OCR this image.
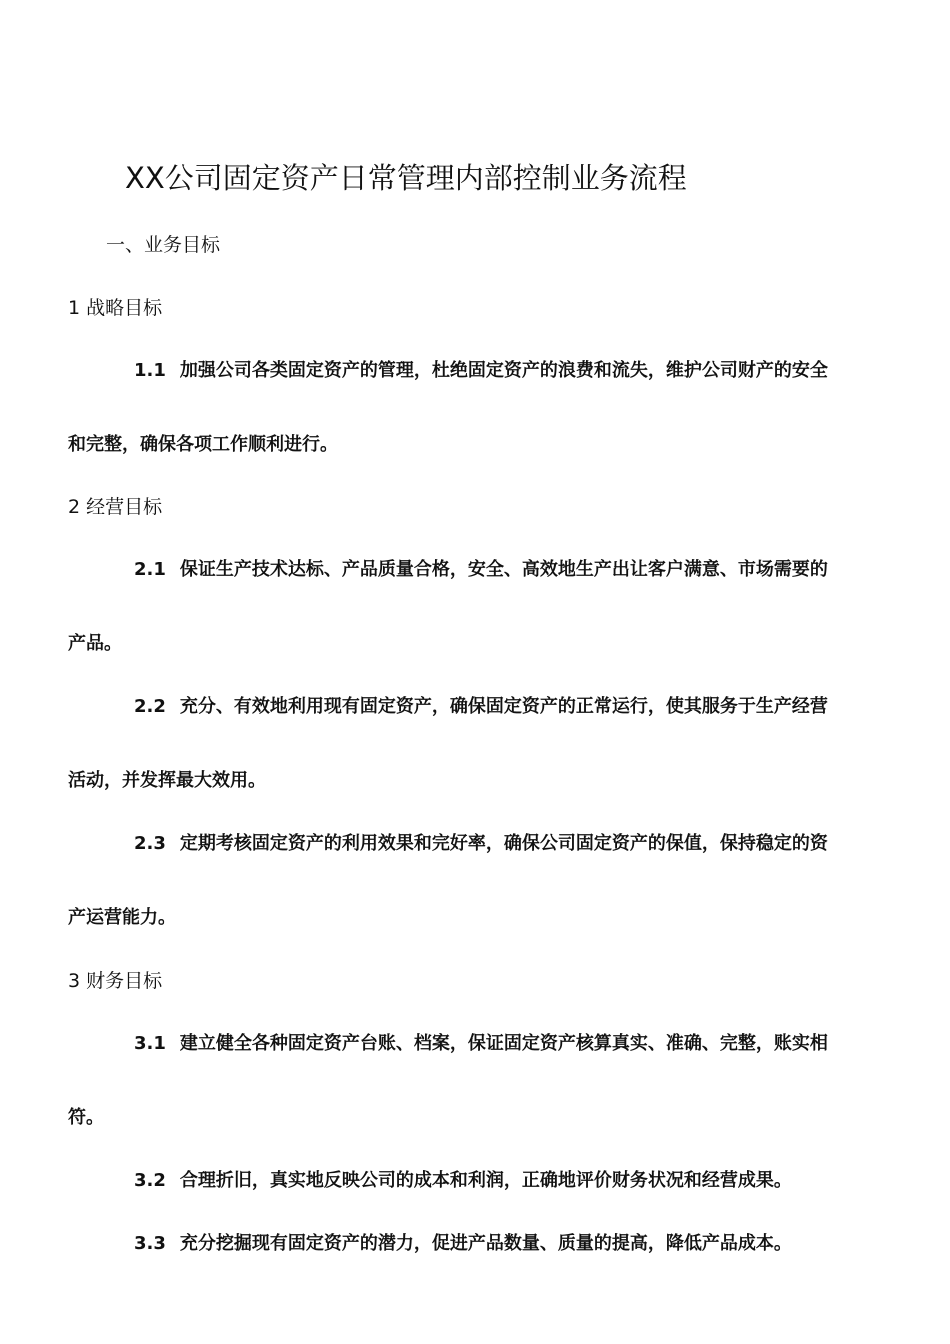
XX公司固定资产日常管理内部控制业务流程
一、业务目标
1 战略目标
1.1 加强公司各类固定资产的管理，杜绝固定资产的浪费和流失，维护公司财产的安全
和完整，确保各项工作顺利进行。
2 经营目标
2.1 保证生产技术达标、产品质量合格，安全、高效地生产出让客户满意、市场需要的
产品。
2.2 充分、有效地利用现有固定资产，确保固定资产的正常运行，使其服务于生产经营
活动，并发挥最大效用。
2.3 定期考核固定资产的利用效果和完好率，确保公司固定资产的保值，保持稳定的资
产运营能力。
3 财务目标
3.1 建立健全各种固定资产台账、档案，保证固定资产核算真实、准确、完整，账实相
符。
3.2 合理折旧，真实地反映公司的成本和利润，正确地评价财务状况和经营成果。
3.3 充分挖掘现有固定资产的潜力，促进产品数量、质量的提高，降低产品成本。
